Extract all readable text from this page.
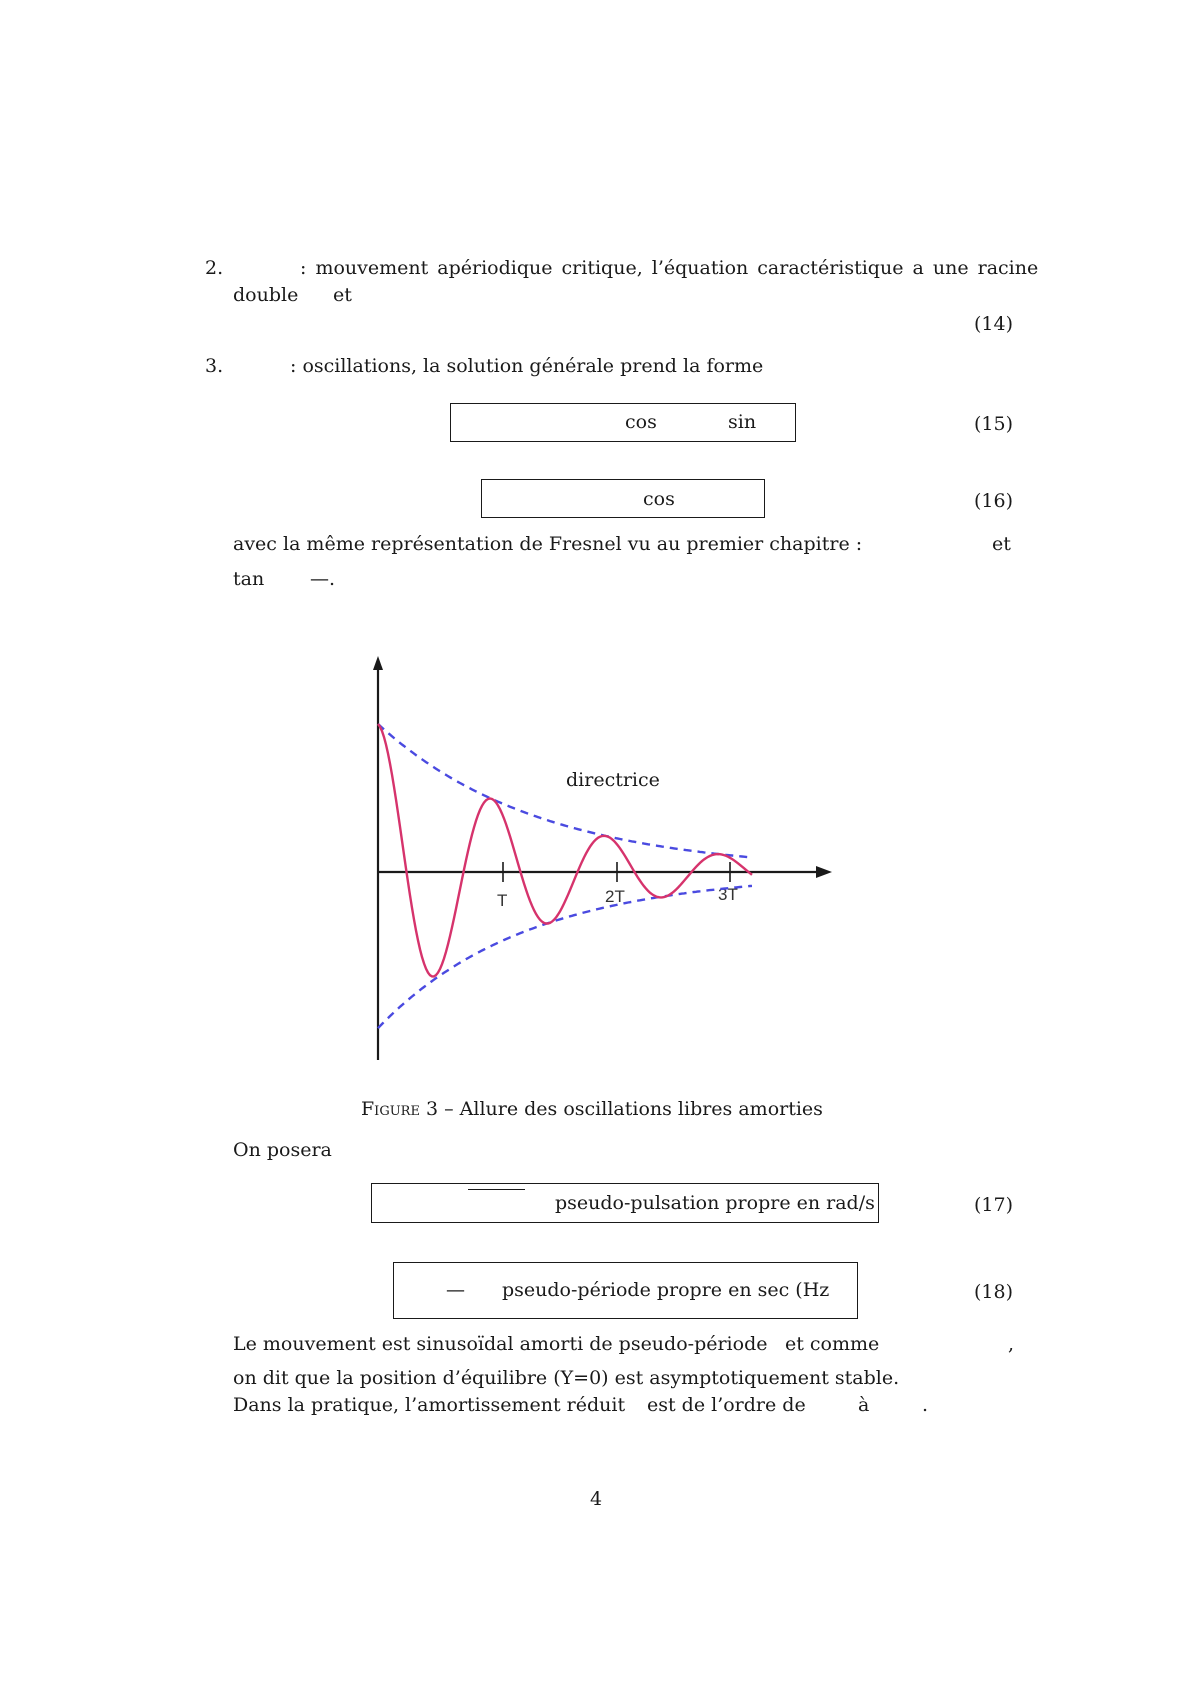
2.	: mouvement apériodique critique, l’équation caractéristique a une racine
double et
(14)
3.	: oscillations, la solution générale prend la forme
cos	sin	(15)
cos	(16)
avec la même représentation de Fresnel vu au premier chapitre :	et
tan —.
T	2T	3T
directrice
Figure 3 – Allure des oscillations libres amorties
On posera
pseudo-pulsation propre en rad/s	(17)
— pseudo-période propre en sec (Hz	(18)
Le mouvement est sinusoïdal amorti de pseudo-période et comme	,
on dit que la position d’équilibre (Y=0) est asymptotiquement stable.
Dans la pratique, l’amortissement réduit est de l’ordre de	à	.
4
